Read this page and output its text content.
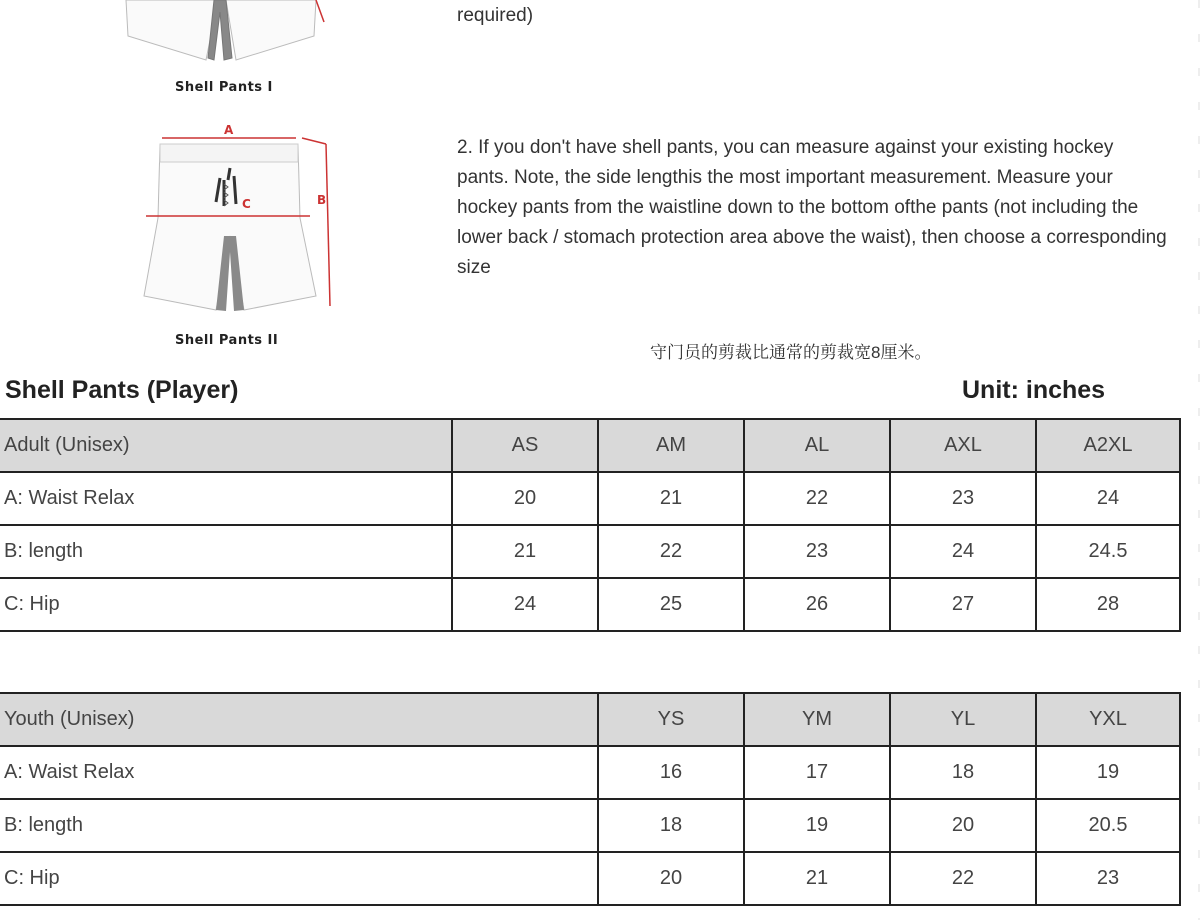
Shell Pants I
A
B
C
Shell Pants II
required)
2. If you don't have shell pants, you can measure against your existing hockey pants. Note, the side lengthis the most important measurement. Measure your hockey pants from the waistline down to the bottom ofthe pants (not including the lower back / stomach protection area above the waist), then choose a corresponding size
守门员的剪裁比通常的剪裁宽8厘米。
Shell Pants (Player)	Unit: inches
Adult (Unisex)	AS	AM	AL	AXL	A2XL
A: Waist Relax	20	21	22	23	24
B: length	21	22	23	24	24.5
C: Hip	24	25	26	27	28
Youth (Unisex)	YS	YM	YL	YXL
A: Waist Relax	16	17	18	19
B: length	18	19	20	20.5
C: Hip	20	21	22	23
